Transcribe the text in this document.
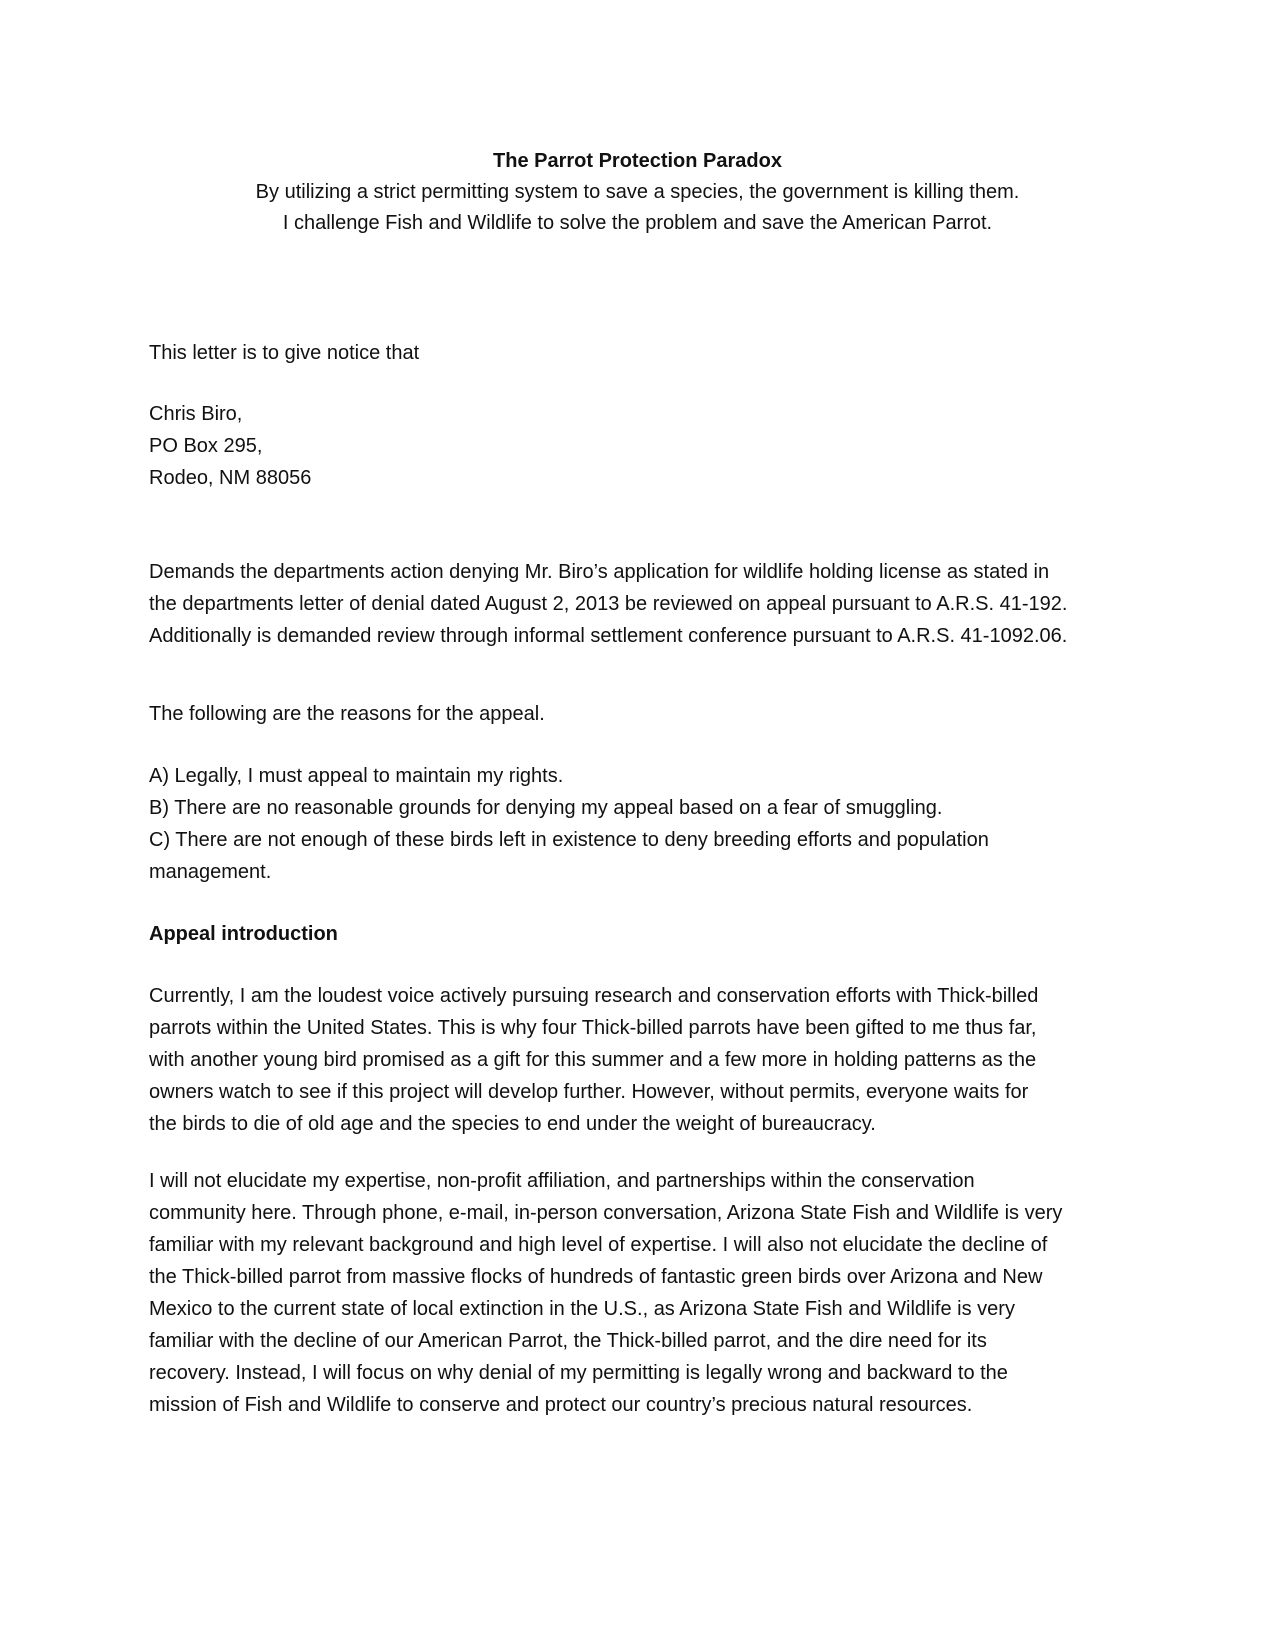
The Parrot Protection Paradox
By utilizing a strict permitting system to save a species, the government is killing them.
I challenge Fish and Wildlife to solve the problem and save the American Parrot.
This letter is to give notice that
Chris Biro,
PO Box 295,
Rodeo, NM 88056
Demands the departments action denying Mr. Biro’s application for wildlife holding license as stated in
the departments letter of denial dated August 2, 2013 be reviewed on appeal pursuant to A.R.S. 41-192.
Additionally is demanded review through informal settlement conference pursuant to A.R.S. 41-1092.06.
The following are the reasons for the appeal.
A) Legally, I must appeal to maintain my rights.
B) There are no reasonable grounds for denying my appeal based on a fear of smuggling.
C) There are not enough of these birds left in existence to deny breeding efforts and population
management.
Appeal introduction
Currently, I am the loudest voice actively pursuing research and conservation efforts with Thick-billed
parrots within the United States. This is why four Thick-billed parrots have been gifted to me thus far,
with another young bird promised as a gift for this summer and a few more in holding patterns as the
owners watch to see if this project will develop further. However, without permits, everyone waits for
the birds to die of old age and the species to end under the weight of bureaucracy.
I will not elucidate my expertise, non-profit affiliation, and partnerships within the conservation
community here. Through phone, e-mail, in-person conversation, Arizona State Fish and Wildlife is very
familiar with my relevant background and high level of expertise. I will also not elucidate the decline of
the Thick-billed parrot from massive flocks of hundreds of fantastic green birds over Arizona and New
Mexico to the current state of local extinction in the U.S., as Arizona State Fish and Wildlife is very
familiar with the decline of our American Parrot, the Thick-billed parrot, and the dire need for its
recovery. Instead, I will focus on why denial of my permitting is legally wrong and backward to the
mission of Fish and Wildlife to conserve and protect our country’s precious natural resources.
